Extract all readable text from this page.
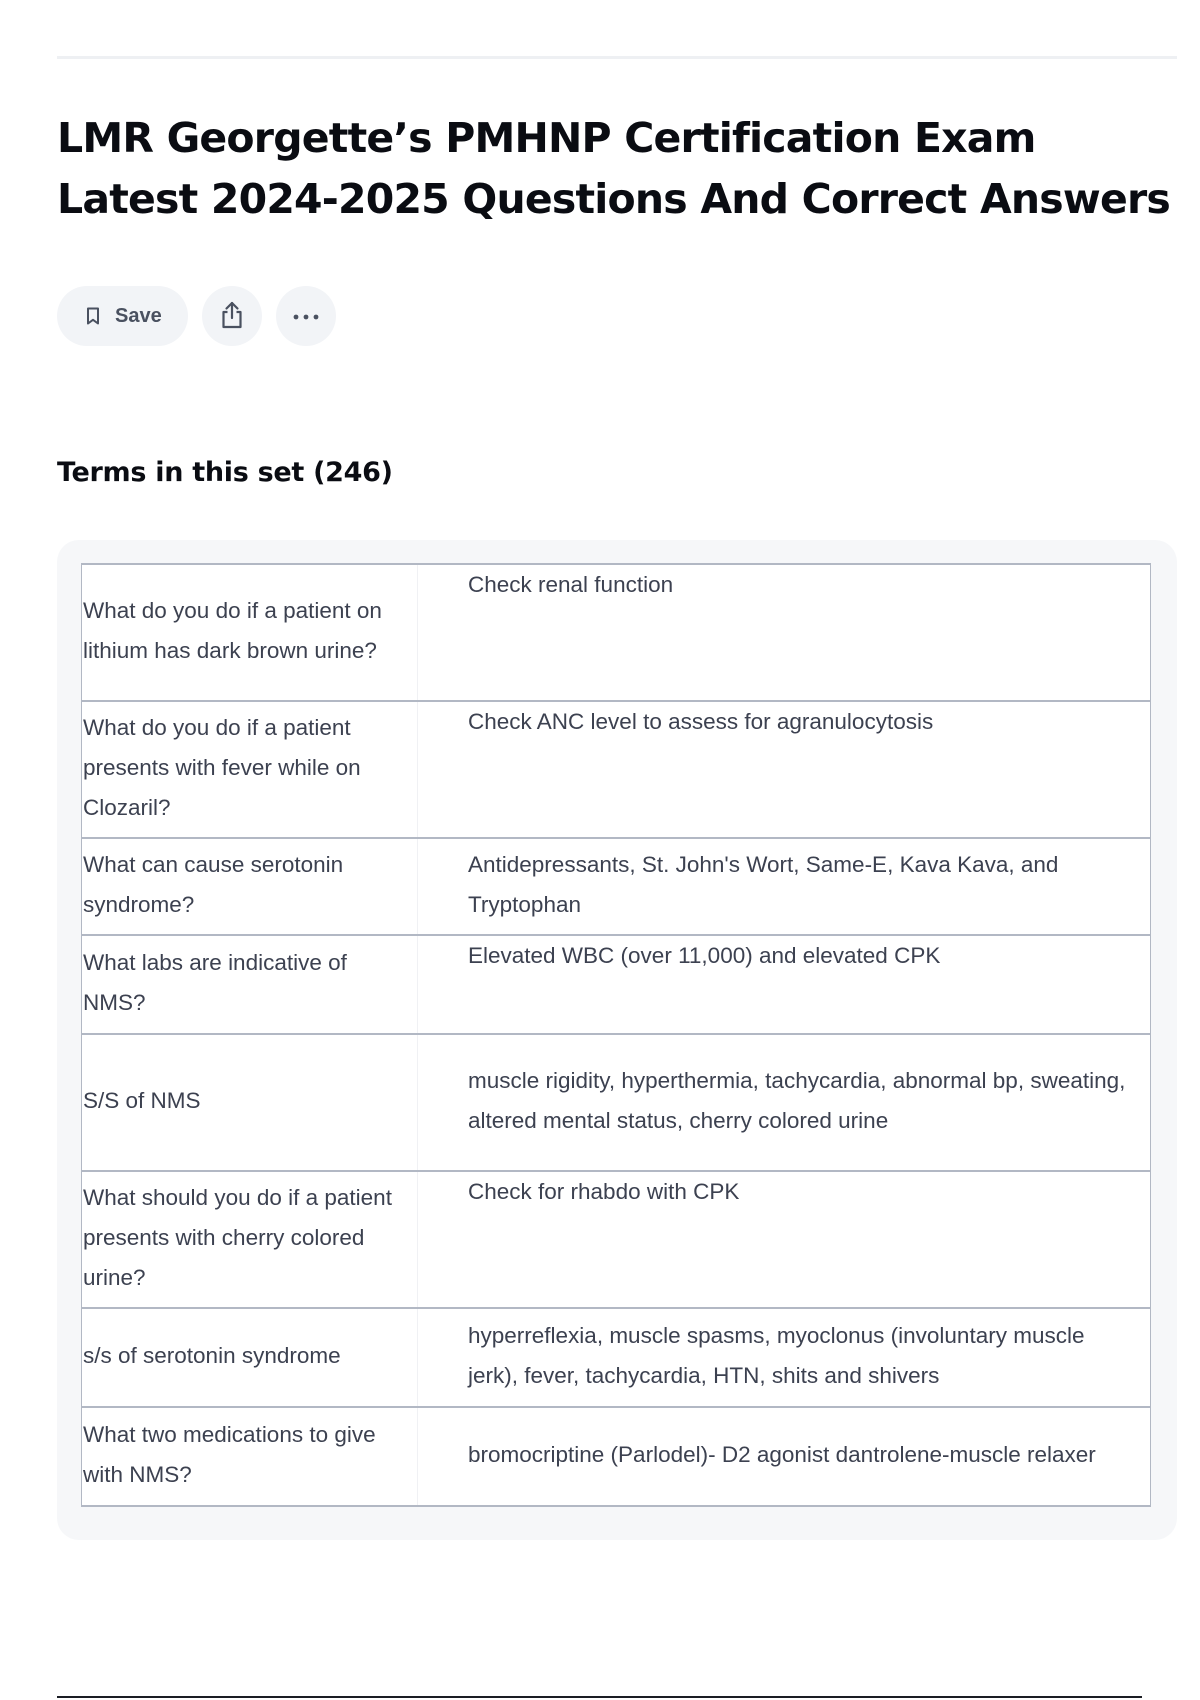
LMR Georgette’s PMHNP Certification Exam Latest 2024-2025 Questions And Correct Answers
Save
Terms in this set (246)
What do you do if a patient on lithium has dark brown urine?	Check renal function
What do you do if a patient presents with fever while on Clozaril?	Check ANC level to assess for agranulocytosis
What can cause serotonin syndrome?	Antidepressants, St. John's Wort, Same-E, Kava Kava, and Tryptophan
What labs are indicative of NMS?	Elevated WBC (over 11,000) and elevated CPK
S/S of NMS	muscle rigidity, hyperthermia, tachycardia, abnormal bp, sweating, altered mental status, cherry colored urine
What should you do if a patient presents with cherry colored urine?	Check for rhabdo with CPK
s/s of serotonin syndrome	hyperreflexia, muscle spasms, myoclonus (involuntary muscle jerk), fever, tachycardia, HTN, shits and shivers
What two medications to give with NMS?	bromocriptine (Parlodel)- D2 agonist dantrolene-muscle relaxer
